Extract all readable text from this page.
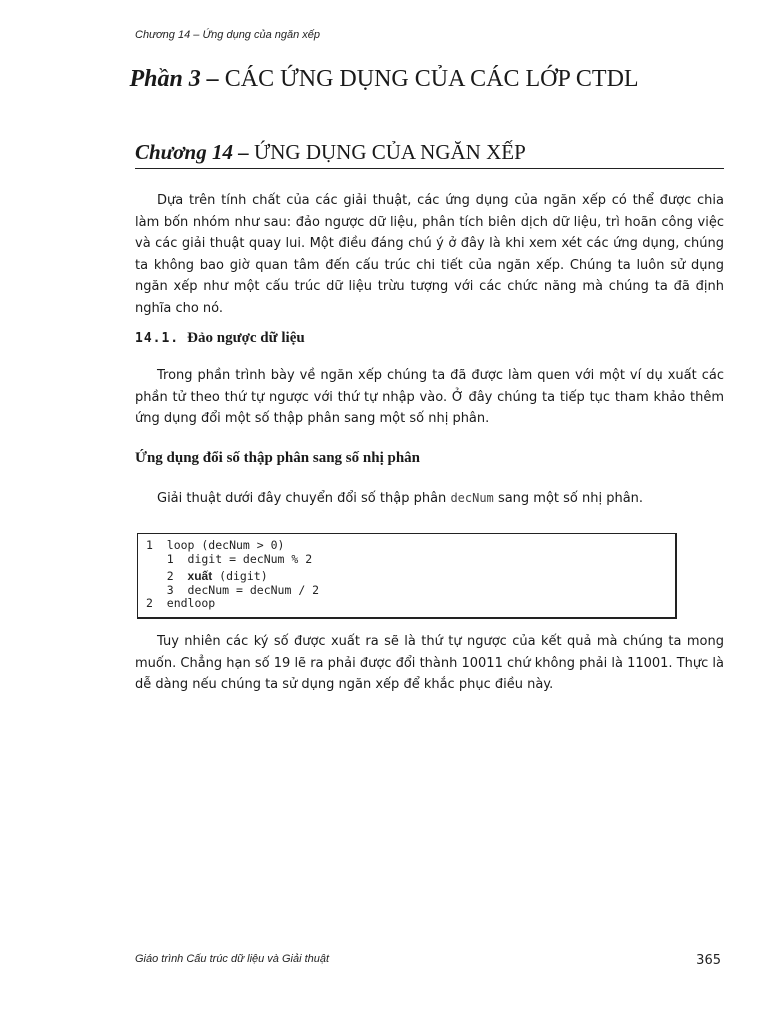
Chương 14 – Ứng dụng của ngăn xếp
Phần 3 – CÁC ỨNG DỤNG CỦA CÁC LỚP CTDL
Chương 14 – ỨNG DỤNG CỦA NGĂN XẾP

Dựa trên tính chất của các giải thuật, các ứng dụng của ngăn xếp có thể được chia làm bốn nhóm như sau: đảo ngược dữ liệu, phân tích biên dịch dữ liệu, trì hoãn công việc và các giải thuật quay lui. Một điều đáng chú ý ở đây là khi xem xét các ứng dụng, chúng ta không bao giờ quan tâm đến cấu trúc chi tiết của ngăn xếp. Chúng ta luôn sử dụng ngăn xếp như một cấu trúc dữ liệu trừu tượng với các chức năng mà chúng ta đã định nghĩa cho nó.

14.1. Đảo ngược dữ liệu

Trong phần trình bày về ngăn xếp chúng ta đã được làm quen với một ví dụ xuất các phần tử theo thứ tự ngược với thứ tự nhập vào. Ở đây chúng ta tiếp tục tham khảo thêm ứng dụng đổi một số thập phân sang một số nhị phân.

Ứng dụng đổi số thập phân sang số nhị phân

Giải thuật dưới đây chuyển đổi số thập phân decNum sang một số nhị phân.

1  loop (decNum > 0)
1  digit = decNum % 2
2  xuất (digit)
3  decNum = decNum / 2
2  endloop

Tuy nhiên các ký số được xuất ra sẽ là thứ tự ngược của kết quả mà chúng ta mong muốn. Chẳng hạn số 19 lẽ ra phải được đổi thành 10011 chứ không phải là 11001. Thực là dễ dàng nếu chúng ta sử dụng ngăn xếp để khắc phục điều này.

Giáo trình Cấu trúc dữ liệu và Giải thuật	365
